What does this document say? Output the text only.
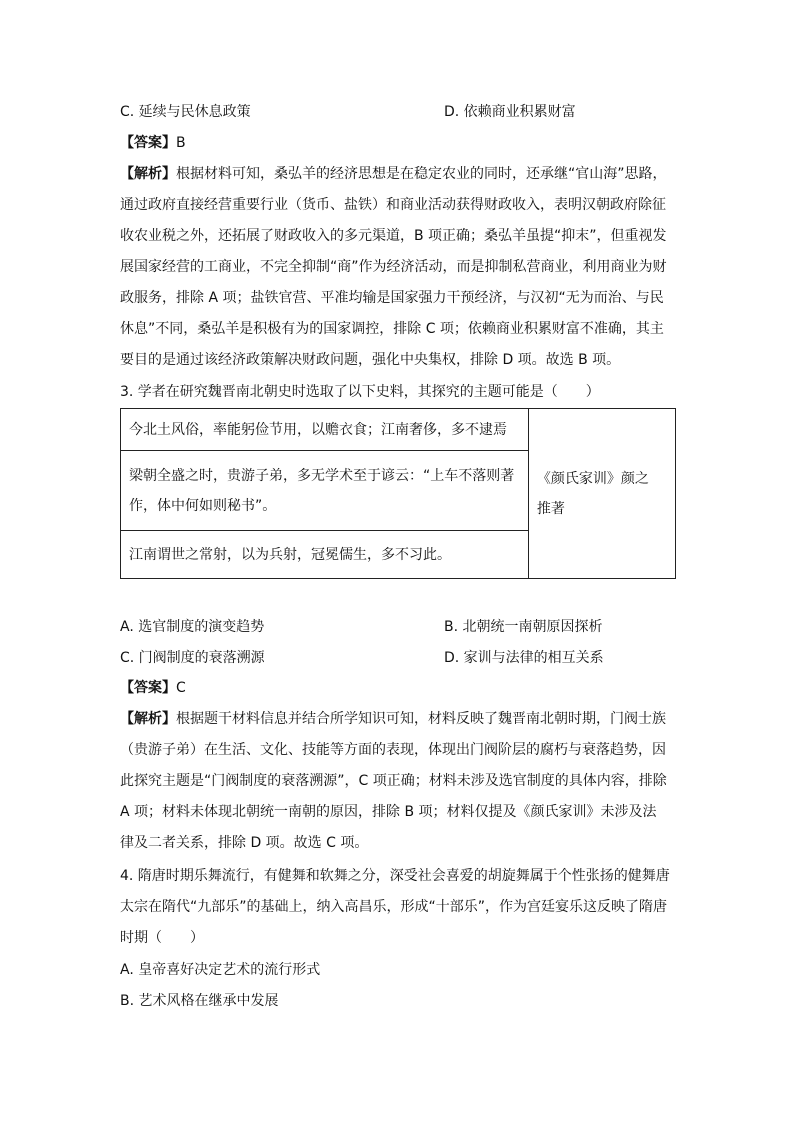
C. 延续与民休息政策	D. 依赖商业积累财富
【答案】B
【解析】根据材料可知，桑弘羊的经济思想是在稳定农业的同时，还承继“官山海”思路，
通过政府直接经营重要行业（货币、盐铁）和商业活动获得财政收入，表明汉朝政府除征
收农业税之外，还拓展了财政收入的多元渠道，B 项正确；桑弘羊虽提“抑末”，但重视发
展国家经营的工商业，不完全抑制“商”作为经济活动，而是抑制私营商业，利用商业为财
政服务，排除 A 项；盐铁官营、平准均输是国家强力干预经济，与汉初“无为而治、与民
休息”不同，桑弘羊是积极有为的国家调控，排除 C 项；依赖商业积累财富不准确，其主
要目的是通过该经济政策解决财政问题，强化中央集权，排除 D 项。故选 B 项。
3. 学者在研究魏晋南北朝史时选取了以下史料，其探究的主题可能是（　　）
今北土风俗，率能躬俭节用，以赡衣食；江南奢侈，多不逮焉	
《颜氏家训》颜之
推著

梁朝全盛之时，贵游子弟，多无学术至于谚云：“上车不落则著
作，体中何如则秘书”。

江南谓世之常射，以为兵射，冠冕儒生，多不习此。
A. 选官制度的演变趋势	B. 北朝统一南朝原因探析
C. 门阀制度的衰落溯源	D. 家训与法律的相互关系
【答案】C
【解析】根据题干材料信息并结合所学知识可知，材料反映了魏晋南北朝时期，门阀士族
（贵游子弟）在生活、文化、技能等方面的表现，体现出门阀阶层的腐朽与衰落趋势，因
此探究主题是“门阀制度的衰落溯源”，C 项正确；材料未涉及选官制度的具体内容，排除
A 项；材料未体现北朝统一南朝的原因，排除 B 项；材料仅提及《颜氏家训》未涉及法
律及二者关系，排除 D 项。故选 C 项。
4. 隋唐时期乐舞流行，有健舞和软舞之分，深受社会喜爱的胡旋舞属于个性张扬的健舞唐
太宗在隋代“九部乐”的基础上，纳入高昌乐，形成“十部乐”，作为宫廷宴乐这反映了隋唐
时期（　　）
A. 皇帝喜好决定艺术的流行形式
B. 艺术风格在继承中发展
